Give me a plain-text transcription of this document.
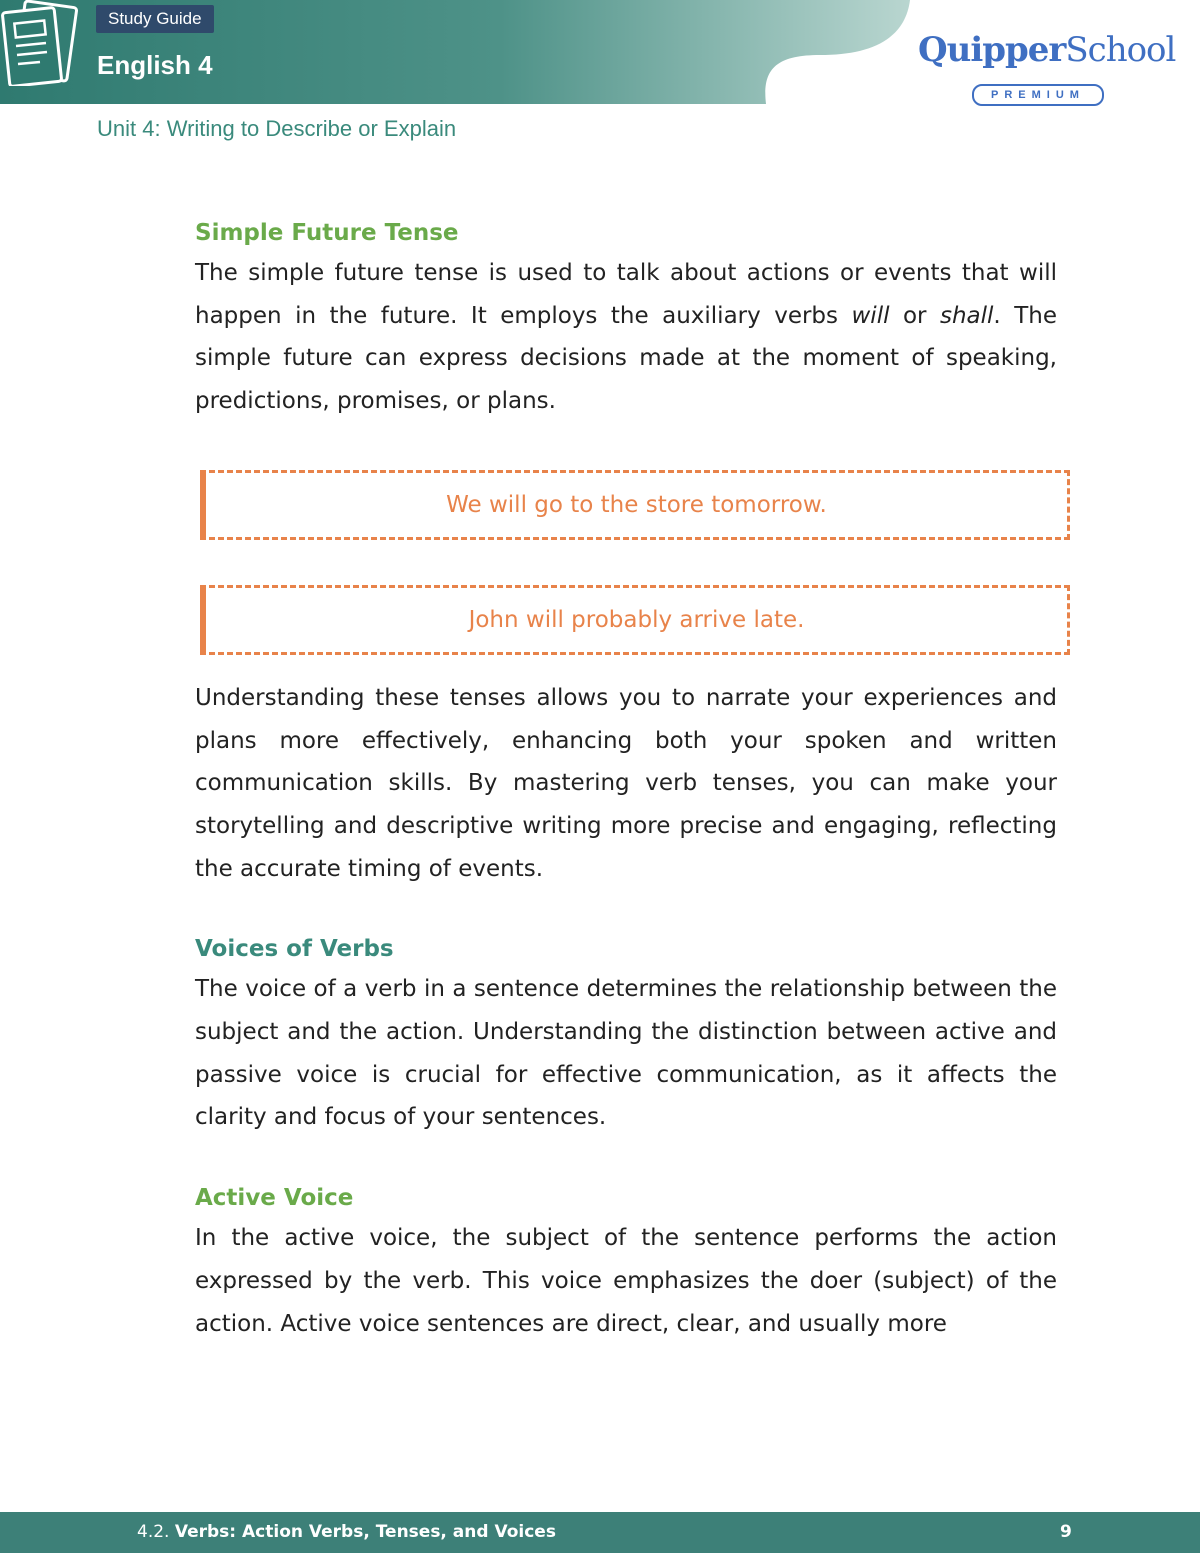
Study Guide
English 4	QuipperSchool
PREMIUM
Unit 4: Writing to Describe or Explain
Simple Future Tense

The simple future tense is used to talk about actions or events that will happen in the future. It employs the auxiliary verbs will or shall. The simple future can express decisions made at the moment of speaking, predictions, promises, or plans.

We will go to the store tomorrow.
John will probably arrive late.

Understanding these tenses allows you to narrate your experiences and plans more effectively, enhancing both your spoken and written communication skills. By mastering verb tenses, you can make your storytelling and descriptive writing more precise and engaging, reflecting the accurate timing of events.

Voices of Verbs

The voice of a verb in a sentence determines the relationship between the subject and the action. Understanding the distinction between active and passive voice is crucial for effective communication, as it affects the clarity and focus of your sentences.

Active Voice

In the active voice, the subject of the sentence performs the action expressed by the verb. This voice emphasizes the doer (subject) of the action. Active voice sentences are direct, clear, and usually more

4.2. Verbs: Action Verbs, Tenses, and Voices	9
